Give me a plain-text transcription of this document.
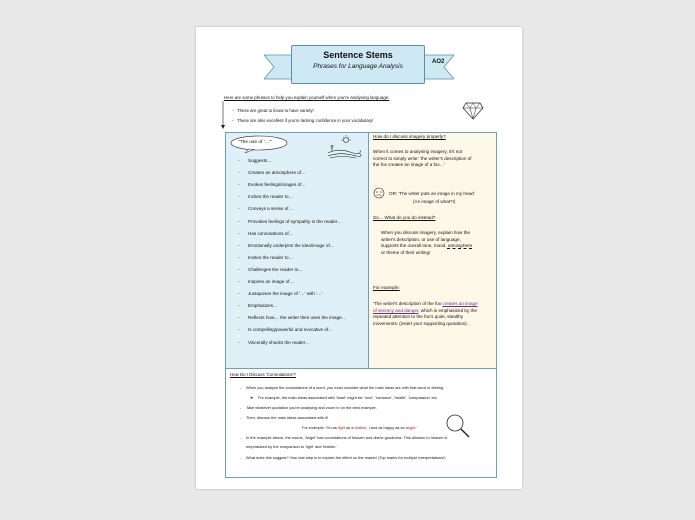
Sentence Stems
Phrases for Language Analysis
AO2
Here are some phrases to help you explain yourself when you're analysing language:
-   These are great to know to have variety!
-   These are also excellent if you're lacking confidence in your vocabulary!
"The use of '…'"
- Suggests…
- Creates an atmosphere of…
- Evokes feelings/images of…
- Incites the reader to…
- Conveys a sense of…
- Provokes feelings of sympathy in the reader…
- Has connotations of…
- Emotionally underpins the idea/image of…
- Invites the reader to…
- Challenges the reader to…
- Inspires an image of…
- Juxtaposes the image of '…' with '…'
- Emphasizes…
- Reflects how… the writer then uses the image…
- Is compelling/powerful and evocative of…
- Viscerally shocks the reader…
How do I discuss imagery properly?
When it comes to analysing imagery, it's not
correct to simply write: 'the writer's description of
the fox creates an image of a fox…'
OR: 'The writer puts an image in my head'
(An image of what?!)
So… What do you do instead?
When you discuss imagery, explain how the
writer's description, or use of language,
supports the overall tone, mood, atmosphere
or theme of their writing!
For example:
'The writer's description of the fox creates an image
of secrecy and danger, which is emphasized by the
repeated attention to the fox's quiet, stealthy
movements: (insert your supporting quotation).
How Do I Discuss 'Connotations'?
- When you analyse the connotations of a word, you must consider what the main ideas are with that word or feeling.
➤ For example, the main ideas associated with 'heart' might be: 'love', 'romance', 'health', 'compassion' etc.
- Take whatever quotation you're analysing and zoom in on the best example.
- Then, discuss the main ideas associated with it!
For example: 'I'm as light as a feather, I and as happy as an angel.'
- In the example above, the nouns, 'Angel' has connotations of heaven and divine goodness. This allusion to heaven is
emphasized by the comparison to 'light' and 'feather.'
- What does this suggest? Your last step is to explain the effect on the reader! (Top marks for multiple interpretations!)
